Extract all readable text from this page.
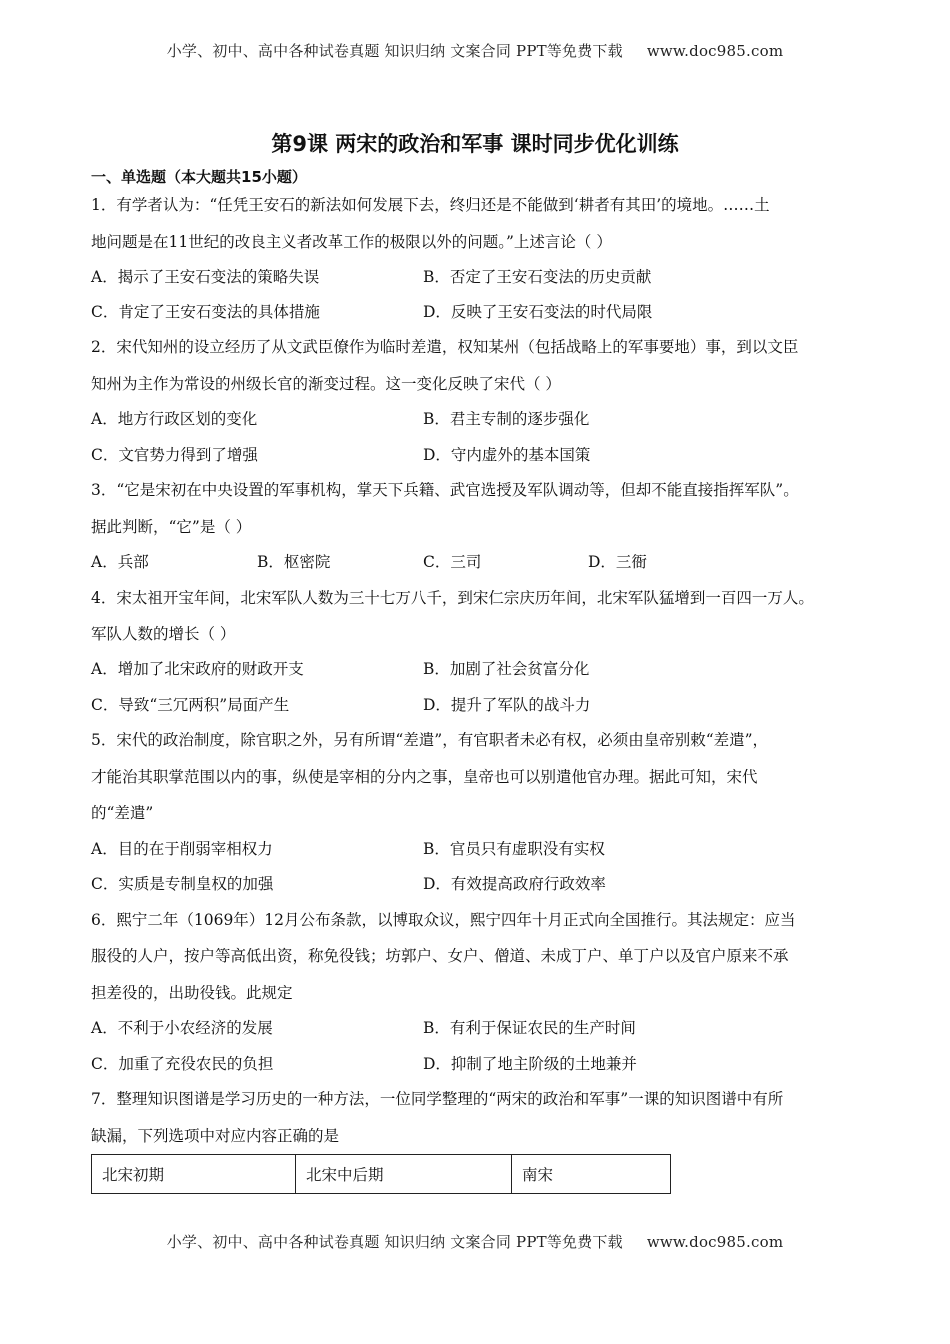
小学、初中、高中各种试卷真题 知识归纳 文案合同 PPT等免费下载 www.doc985.com
第9课 两宋的政治和军事 课时同步优化训练
一、单选题（本大题共15小题）
1．有学者认为：“任凭王安石的新法如何发展下去，终归还是不能做到‘耕者有其田’的境地。……土
地问题是在11世纪的改良主义者改革工作的极限以外的问题。”上述言论（ ）
A．揭示了王安石变法的策略失误	B．否定了王安石变法的历史贡献
C．肯定了王安石变法的具体措施	D．反映了王安石变法的时代局限
2．宋代知州的设立经历了从文武臣僚作为临时差遣，权知某州（包括战略上的军事要地）事，到以文臣
知州为主作为常设的州级长官的渐变过程。这一变化反映了宋代（ ）
A．地方行政区划的变化	B．君主专制的逐步强化
C．文官势力得到了增强	D．守内虚外的基本国策
3．“它是宋初在中央设置的军事机构，掌天下兵籍、武官选授及军队调动等，但却不能直接指挥军队”。
据此判断，“它”是（ ）
A．兵部	B．枢密院	C．三司	D．三衙
4．宋太祖开宝年间，北宋军队人数为三十七万八千，到宋仁宗庆历年间，北宋军队猛增到一百四一万人。
军队人数的增长（ ）
A．增加了北宋政府的财政开支	B．加剧了社会贫富分化
C．导致“三冗两积”局面产生	D．提升了军队的战斗力
5．宋代的政治制度，除官职之外，另有所谓“差遣”，有官职者未必有权，必须由皇帝别敕“差遣”，
才能治其职掌范围以内的事，纵使是宰相的分内之事，皇帝也可以别遣他官办理。据此可知，宋代
的“差遣”
A．目的在于削弱宰相权力	B．官员只有虚职没有实权
C．实质是专制皇权的加强	D．有效提高政府行政效率
6．熙宁二年（1069年）12月公布条款，以博取众议，熙宁四年十月正式向全国推行。其法规定：应当
服役的人户，按户等高低出资，称免役钱；坊郭户、女户、僧道、未成丁户、单丁户以及官户原来不承
担差役的，出助役钱。此规定
A．不利于小农经济的发展	B．有利于保证农民的生产时间
C．加重了充役农民的负担	D．抑制了地主阶级的土地兼并
7．整理知识图谱是学习历史的一种方法，一位同学整理的“两宋的政治和军事”一课的知识图谱中有所
缺漏，下列选项中对应内容正确的是
北宋初期	北宋中后期	南宋
小学、初中、高中各种试卷真题 知识归纳 文案合同 PPT等免费下载 www.doc985.com
